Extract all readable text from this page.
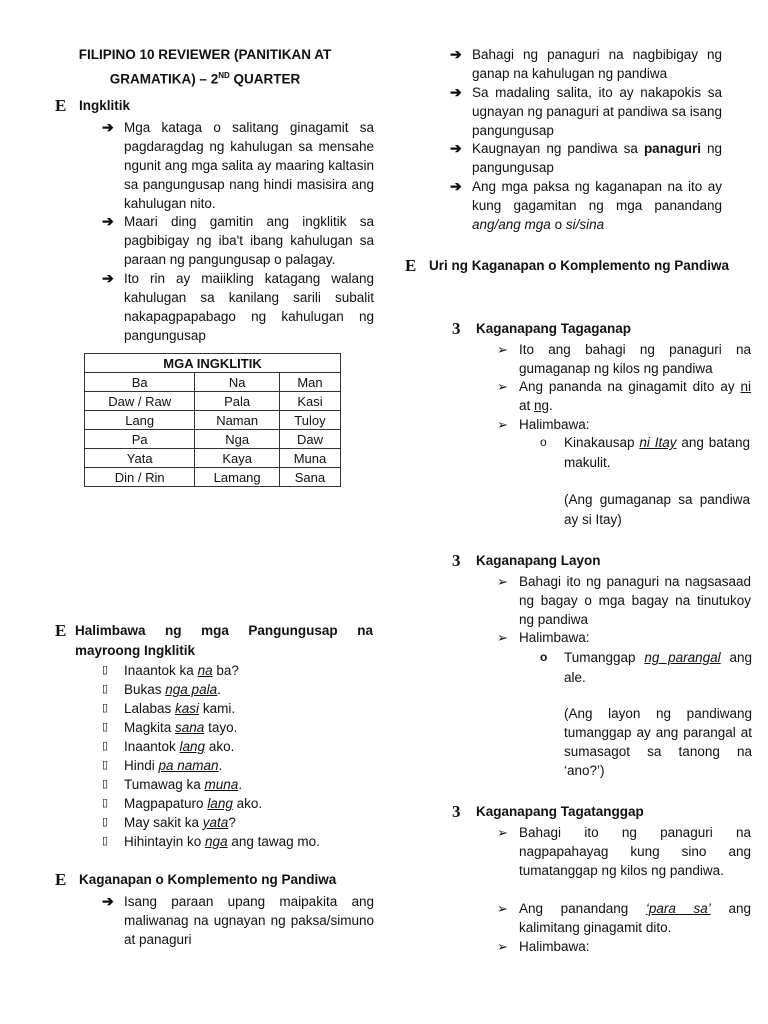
FILIPINO 10 REVIEWER (PANITIKAN AT
GRAMATIKA) – 2ND QUARTER
E Ingklitik
➔ Mga kataga o salitang ginagamit sa pagdaragdag ng kahulugan sa mensahe ngunit ang mga salita ay maaring kaltasin sa pangungusap nang hindi masisira ang kahulugan nito.
➔ Maari ding gamitin ang ingklitik sa pagbibigay ng iba't ibang kahulugan sa paraan ng pangungusap o palagay.
➔ Ito rin ay maiikling katagang walang kahulugan sa kanilang sarili subalit nakapagpapabago ng kahulugan ng pangungusap
MGA INGKLITIK		
Ba	Na	Man
Daw / Raw	Pala	Kasi
Lang	Naman	Tuloy
Pa	Nga	Daw
Yata	Kaya	Muna
Din / Rin	Lamang	Sana
E Halimbawa ng mga Pangungusap na mayroong Ingklitik
▯	Inaantok ka na ba?
▯	Bukas nga pala.
▯	Lalabas kasi kami.
▯	Magkita sana tayo.
▯	Inaantok lang ako.
▯	Hindi pa naman.
▯	Tumawag ka muna.
▯	Magpapaturo lang ako.
▯	May sakit ka yata?
▯	Hihintayin ko nga ang tawag mo.
E Kaganapan o Komplemento ng Pandiwa
➔ Isang paraan upang maipakita ang maliwanag na ugnayan ng paksa/simuno at panaguri
➔ Bahagi ng panaguri na nagbibigay ng ganap na kahulugan ng pandiwa
➔ Sa madaling salita, ito ay nakapokis sa ugnayan ng panaguri at pandiwa sa isang pangungusap
➔ Kaugnayan ng pandiwa sa panaguri ng pangungusap
➔ Ang mga paksa ng kaganapan na ito ay kung gagamitan ng mga panandang ang/ang mga o si/sina
E Uri ng Kaganapan o Komplemento ng Pandiwa
3	Kaganapang Tagaganap
➢ Ito ang bahagi ng panaguri na gumaganap ng kilos ng pandiwa
➢ Ang pananda na ginagamit dito ay ni at ng.
➢ Halimbawa:
o	Kinakausap ni Itay ang batang makulit.
(Ang gumaganap sa pandiwa ay si Itay)
3	Kaganapang Layon
➢ Bahagi ito ng panaguri na nagsasaad ng bagay o mga bagay na tinutukoy ng pandiwa
➢ Halimbawa:
o	Tumanggap ng parangal ang ale.
(Ang layon ng pandiwang tumanggap ay ang parangal at sumasagot sa tanong na ‘ano?’)
3	Kaganapang Tagatanggap
➢ Bahagi ito ng panaguri na nagpapahayag kung sino ang tumatanggap ng kilos ng pandiwa.
➢ Ang panandang ‘para sa’ ang kalimitang ginagamit dito.
➢ Halimbawa:
